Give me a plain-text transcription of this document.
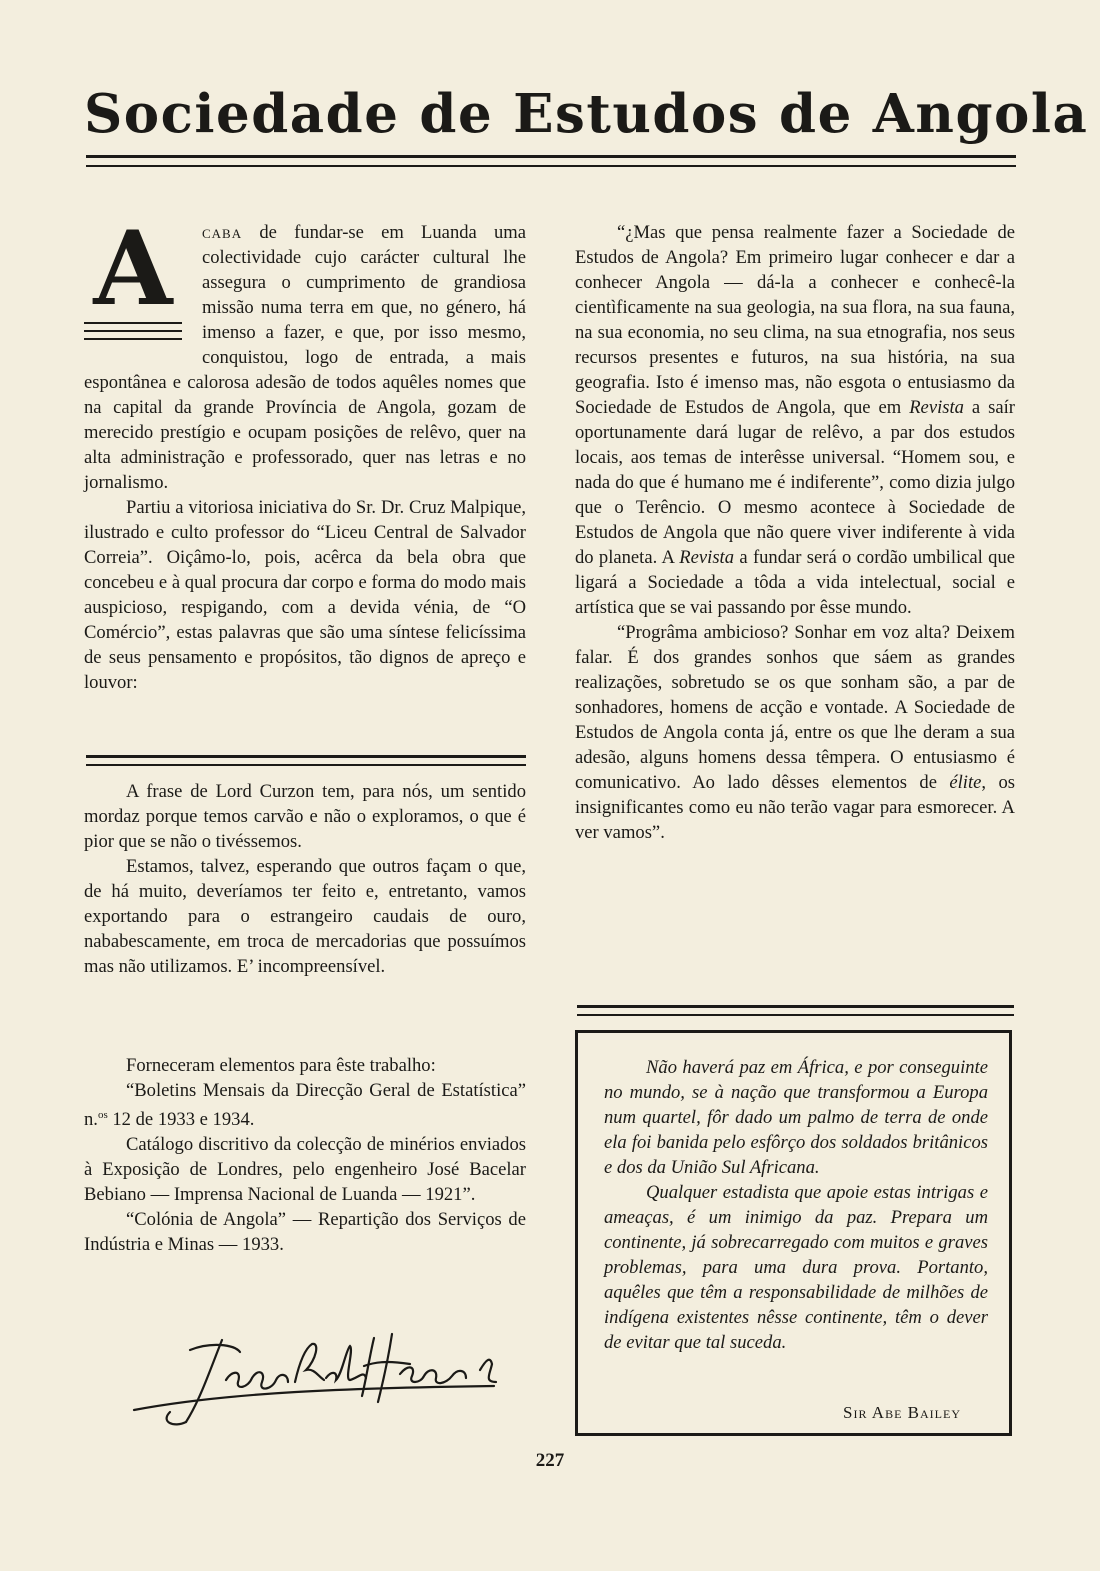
Sociedade de Estudos de Angola
A	caba de fundar-se em Luanda uma colectividade cujo carácter cultural lhe assegura o cumprimento de grandiosa missão numa terra em que, no género, há imenso a fazer, e que, por isso mesmo, conquistou, logo de entrada, a mais espontânea e calorosa adesão de todos aquêles nomes que na capital da grande Província de Angola, gozam de merecido prestígio e ocupam posições de relêvo, quer na alta administração e professorado, quer nas letras e no jornalismo.

Partiu a vitoriosa iniciativa do Sr. Dr. Cruz Malpique, ilustrado e culto professor do “Liceu Central de Salvador Correia”. Oiçâmo-lo, pois, acêrca da bela obra que concebeu e à qual procura dar corpo e forma do modo mais auspicioso, respigando, com a devida vénia, de “O Comércio”, estas palavras que são uma síntese felicíssima de seus pensamento e propósitos, tão dignos de apreço e louvor:

A frase de Lord Curzon tem, para nós, um sentido mordaz porque temos carvão e não o exploramos, o que é pior que se não o tivéssemos.

Estamos, talvez, esperando que outros façam o que, de há muito, deveríamos ter feito e, entretanto, vamos exportando para o estrangeiro caudais de ouro, nababescamente, em troca de mercadorias que possuímos mas não utilizamos. E’ incompreensível.

Forneceram elementos para êste trabalho:

“Boletins Mensais da Direcção Geral de Estatística” n.$^{os}$ 12 de 1933 e 1934.

Catálogo discritivo da colecção de minérios enviados à Exposição de Londres, pelo engenheiro José Bacelar Bebiano — Imprensa Nacional de Luanda — 1921”.

“Colónia de Angola” — Repartição dos Serviços de Indústria e Minas — 1933.

“¿Mas que pensa realmente fazer a Sociedade de Estudos de Angola? Em primeiro lugar conhecer e dar a conhecer Angola — dá-la a conhecer e conhecê-la cientìficamente na sua geologia, na sua flora, na sua fauna, na sua economia, no seu clima, na sua etnografia, nos seus recursos presentes e futuros, na sua história, na sua geografia. Isto é imenso mas, não esgota o entusiasmo da Sociedade de Estudos de Angola, que em Revista a saír oportunamente dará lugar de relêvo, a par dos estudos locais, aos temas de interêsse universal. “Homem sou, e nada do que é humano me é indiferente”, como dizia julgo que o Terêncio. O mesmo acontece à Sociedade de Estudos de Angola que não quere viver indiferente à vida do planeta. A Revista a fundar será o cordão umbilical que ligará a Sociedade a tôda a vida intelectual, social e artística que se vai passando por êsse mundo.

“Progrâma ambicioso? Sonhar em voz alta? Deixem falar. É dos grandes sonhos que sáem as grandes realizações, sobretudo se os que sonham são, a par de sonhadores, homens de acção e vontade. A Sociedade de Estudos de Angola conta já, entre os que lhe deram a sua adesão, alguns homens dessa têmpera. O entusiasmo é comunicativo. Ao lado dêsses elementos de élite, os insignificantes como eu não terão vagar para esmorecer. A ver vamos”.

Não haverá paz em África, e por conseguinte no mundo, se à nação que transformou a Europa num quartel, fôr dado um palmo de terra de onde ela foi banida pelo esfôrço dos soldados britânicos e dos da União Sul Africana.

Qualquer estadista que apoie estas intrigas e ameaças, é um inimigo da paz. Prepara um continente, já sobrecarregado com muitos e graves problemas, para uma dura prova. Portanto, aquêles que têm a responsabilidade de milhões de indígena existentes nêsse continente, têm o dever de evitar que tal suceda.

Sir Abe Bailey
227
